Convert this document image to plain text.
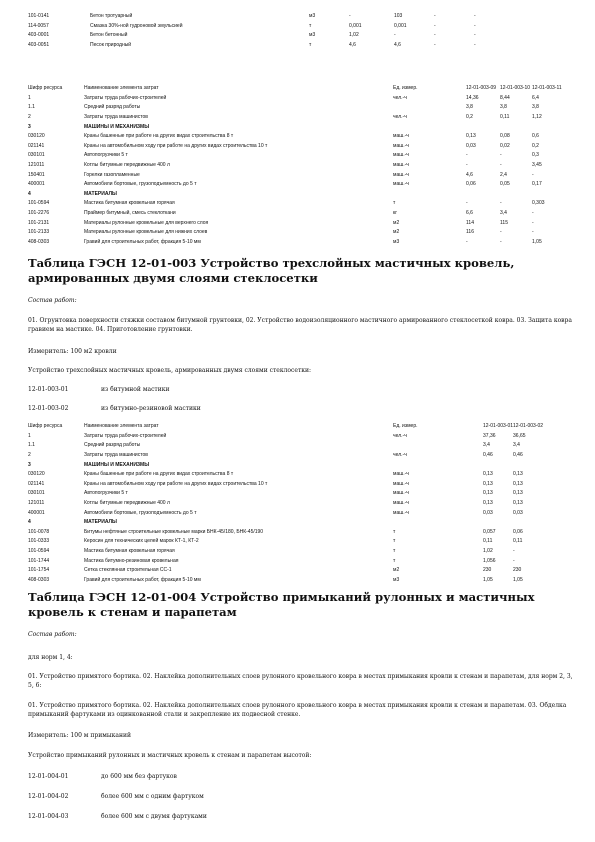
101-0141	Бетон тротуарный		м3	-	103	-	-
114-0057	Смазка 30%-ной гудроновой эмульсией		т	0,001	0,001	-	-
403-0001	Бетон бетонный		м3	1,02	-	-	-
403-0051	Песок природный		т	4,6	4,6	-	-
Шифр ресурса	Наименование элемента затрат	Ед. измер.	12-01-003-09	12-01-003-10	12-01-003-11
1	Затраты труда рабочих-строителей	чел.-ч	14,36	8,44	6,4
1.1	Средний разряд работы		3,8	3,8	3,8
2	Затраты труда машинистов	чел.-ч	0,2	0,11	1,12
3	МАШИНЫ И МЕХАНИЗМЫ				
030120	Краны башенные при работе на других видах строительства 8 т	маш.-ч	0,13	0,08	0,6
021141	Краны на автомобильном ходу при работе на других видах строительства 10 т	маш.-ч	0,03	0,02	0,2
030101	Автопогрузчики 5 т	маш.-ч	-	-	0,3
121011	Котлы битумные передвижные 400 л	маш.-ч	-	-	3,45
150401	Горелки газопламенные	маш.-ч	4,6	2,4	-
400001	Автомобили бортовые, грузоподъемность до 5 т	маш.-ч	0,06	0,05	0,17
4	МАТЕРИАЛЫ				
101-0594	Мастика битумная кровельная горячая	т	-	-	0,303
101-2276	Праймер битумный, смесь стеклоткани	кг	6,6	3,4	-
101-2131	Материалы рулонные кровельные для верхнего слоя	м2	114	115	-
101-2133	Материалы рулонные кровельные для нижних слоев	м2	116	-	-
408-0303	Гравий для строительных работ, фракция 5-10 мм	м3	-	-	1,05
Таблица ГЭСН 12-01-003 Устройство трехслойных мастичных кровель, армированных двумя слоями стеклосетки
Состав работ:
01. Огрунтовка поверхности стяжки составом битумной грунтовки, 02. Устройство водоизоляционного мастичного армированного стеклосеткой ковра. 03. Защита ковра гравием на мастике. 04. Приготовление грунтовки.
Измеритель: 100 м2 кровли
Устройство трехслойных мастичных кровель, армированных двумя слоями стеклосетки:
12-01-003-01	из битумной мастики
12-01-003-02	из битумно-резиновой мастики
Шифр ресурса	Наименование элемента затрат	Ед. измер.	12-01-003-01	12-01-003-02
1	Затраты труда рабочих-строителей	чел.-ч	37,36	36,65
1.1	Средний разряд работы		3,4	3,4
2	Затраты труда машинистов	чел.-ч	0,46	0,46
3	МАШИНЫ И МЕХАНИЗМЫ			
030120	Краны башенные при работе на других видах строительства 8 т	маш.-ч	0,13	0,13
021141	Краны на автомобильном ходу при работе на других видах строительства 10 т	маш.-ч	0,13	0,13
030101	Автопогрузчики 5 т	маш.-ч	0,13	0,13
121011	Котлы битумные передвижные 400 л	маш.-ч	0,13	0,13
400001	Автомобили бортовые, грузоподъемность до 5 т	маш.-ч	0,03	0,03
4	МАТЕРИАЛЫ			
101-0078	Битумы нефтяные строительные кровельные марки БНК-45/180, БНК-45/190	т	0,057	0,06
101-0333	Керосин для технических целей марок КТ-1, КТ-2	т	0,11	0,11
101-0594	Мастика битумная кровельная горячая	т	1,02	-
101-1744	Мастика битумно-резиновая кровельная	т	1,056	-
101-1754	Сетка стеклянная строительная СС-1	м2	230	230
408-0303	Гравий для строительных работ, фракция 5-10 мм	м3	1,05	1,05
Таблица ГЭСН 12-01-004 Устройство примыканий рулонных и мастичных кровель к стенам и парапетам
Состав работ:
для норм 1, 4:
01. Устройство примятого бортика. 02. Наклейка дополнительных слоев рулонного кровельного ковра в местах примыкания кровли к стенам и парапетам, для норм 2, 3, 5, 6:
01. Устройство примятого бортика. 02. Наклейка дополнительных слоев рулонного кровельного ковра в местах примыкания кровли к стенам и парапетам. 03. Обделка примыканий фартуками из оцинкованной стали и закрепление их подвесной стенке.
Измеритель: 100 м примыканий
Устройство примыканий рулонных и мастичных кровель к стенам и парапетам высотой:
12-01-004-01	до 600 мм без фартуков
12-01-004-02	более 600 мм с одним фартуком
12-01-004-03	более 600 мм с двумя фартуками
